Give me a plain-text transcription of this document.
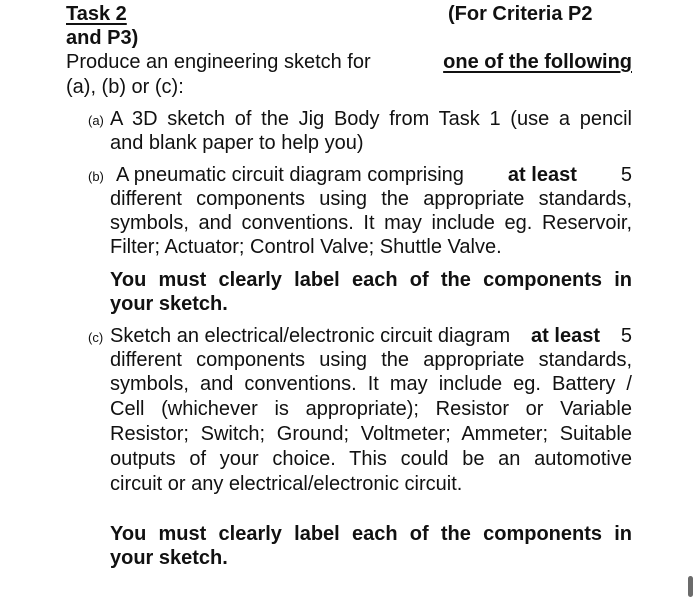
Task 2	(For Criteria P2
and P3)
Produce an engineering sketch for	one of the following
(a), (b) or (c):
(a) A 3D sketch of the Jig Body from Task 1 (use a pencil
and blank paper to help you)
(b) A pneumatic circuit diagram comprising at least 5
different components using the appropriate standards,
symbols, and conventions. It may include eg. Reservoir,
Filter; Actuator; Control Valve; Shuttle Valve.
You must clearly label each of the components in
your sketch.
(c) Sketch an electrical/electronic circuit diagram at least 5
different components using the appropriate standards,
symbols, and conventions. It may include eg. Battery /
Cell (whichever is appropriate); Resistor or Variable
Resistor; Switch; Ground; Voltmeter; Ammeter; Suitable
outputs of your choice. This could be an automotive
circuit or any electrical/electronic circuit.
You must clearly label each of the components in
your sketch.
